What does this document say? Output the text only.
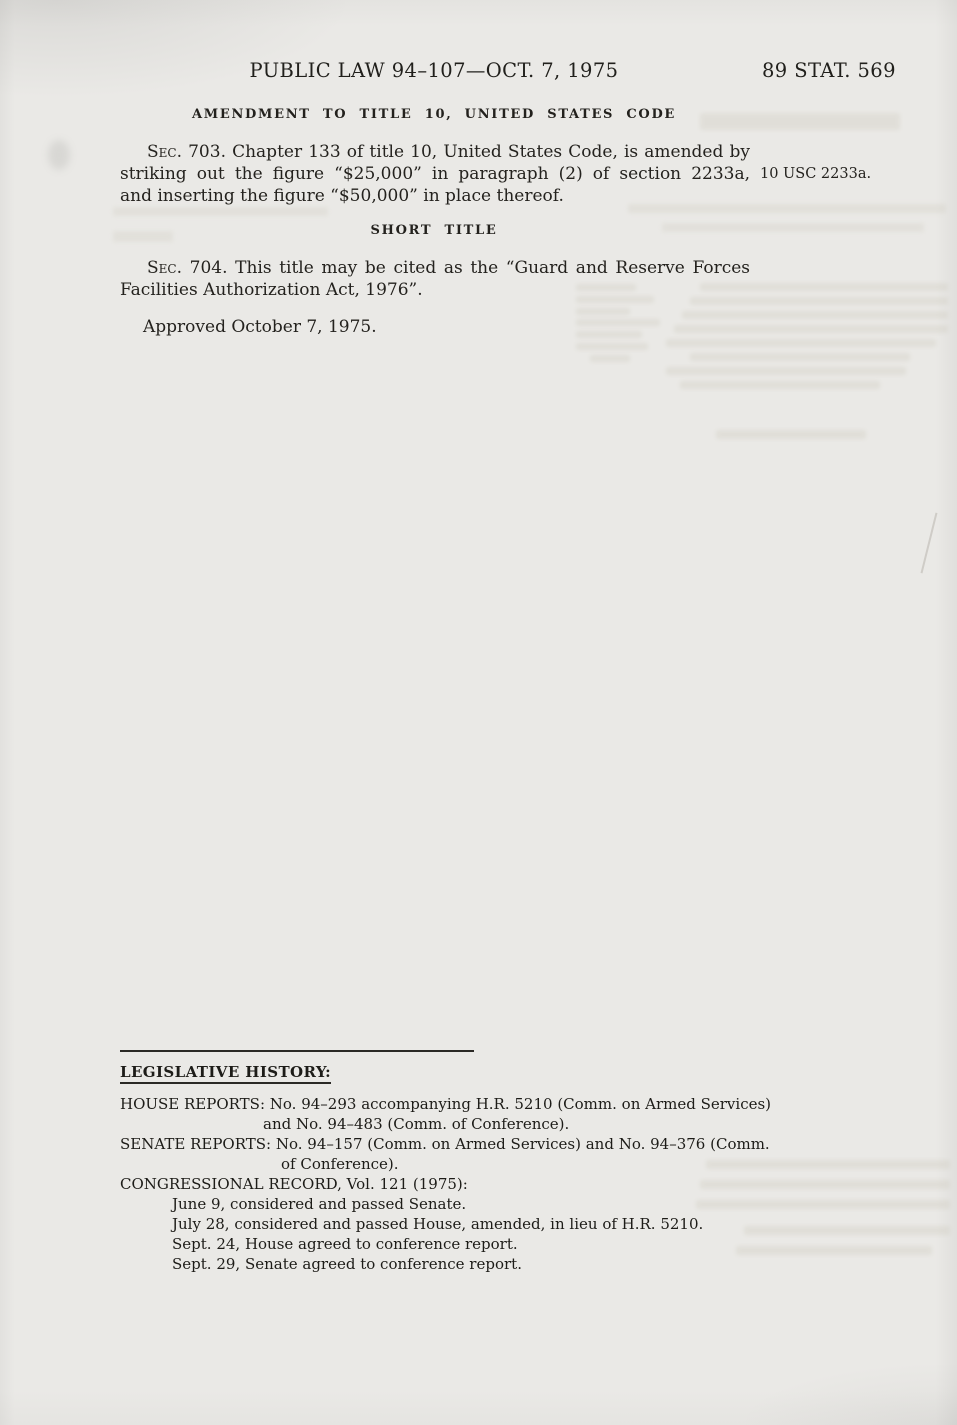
PUBLIC LAW 94–107—OCT. 7, 1975	89 STAT. 569
AMENDMENT TO TITLE 10, UNITED STATES CODE
Sec. 703. Chapter 133 of title 10, United States Code, is amended by
striking out the figure “$25,000” in paragraph (2) of section 2233a,
and inserting the figure “$50,000” in place thereof.
10 USC 2233a.
SHORT TITLE
Sec. 704. This title may be cited as the “Guard and Reserve Forces
Facilities Authorization Act, 1976”.
Approved October 7, 1975.
LEGISLATIVE HISTORY:
HOUSE REPORTS: No. 94–293 accompanying H.R. 5210 (Comm. on Armed Services)
and No. 94–483 (Comm. of Conference).
SENATE REPORTS: No. 94–157 (Comm. on Armed Services) and No. 94–376 (Comm.
of Conference).
CONGRESSIONAL RECORD, Vol. 121 (1975):
June 9, considered and passed Senate.
July 28, considered and passed House, amended, in lieu of H.R. 5210.
Sept. 24, House agreed to conference report.
Sept. 29, Senate agreed to conference report.
